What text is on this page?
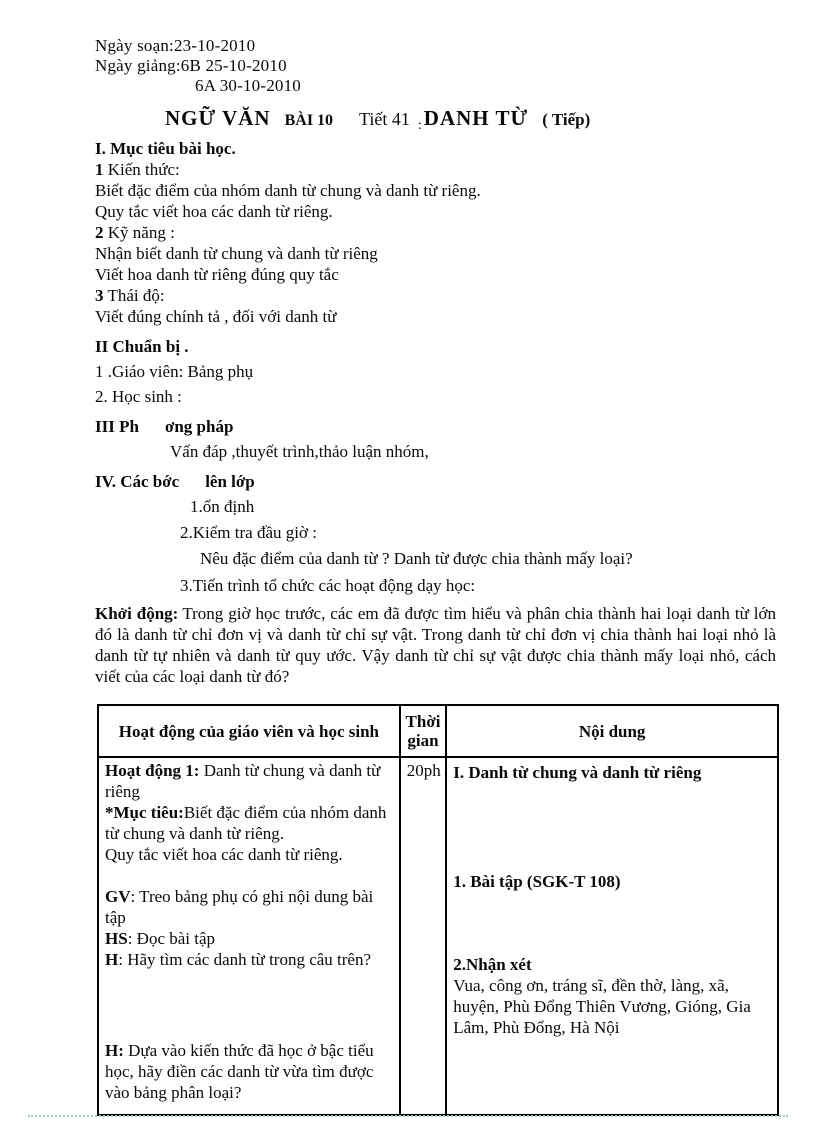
Ngày soạn:23-10-2010

Ngày giảng:6B 25-10-2010

6A 30-10-2010

NGỮ VĂN BÀI 10 Tiết 41 $_:$DANH TỪ ( Tiếp)

I. Mục tiêu bài học.

1 Kiến thức:

Biết đặc điểm của nhóm danh từ chung và danh từ riêng.

Quy tắc viết hoa các danh từ riêng.

2 Kỹ năng :

Nhận biết danh từ chung và danh từ riêng

Viết hoa danh từ riêng đúng quy tắc

3 Thái độ:

Viết đúng chính tả , đối với danh từ

II Chuẩn bị .

1 .Giáo viên: Bảng phụ

2. Học sinh :

III Ph ơng pháp

Vấn đáp ,thuyết trình,thảo luận nhóm,

IV. Các bớc lên lớp

1.ổn định

2.Kiểm tra đầu giờ :

Nêu đặc điểm của danh từ ? Danh từ được chia thành mấy loại?

3.Tiến trình tổ chức các hoạt động dạy học:

Khởi động: Trong giờ học trước, các em đã được tìm hiểu và phân chia thành hai loại danh từ lớn đó là danh từ chỉ đơn vị và danh từ chỉ sự vật. Trong danh từ chỉ đơn vị chia thành hai loại nhỏ là danh từ tự nhiên và danh từ quy ước. Vậy danh từ chỉ sự vật được chia thành mấy loại nhỏ, cách viết của các loại danh từ đó?

Hoạt động của giáo viên và học sinh	Thời gian	Nội dung

Hoạt động 1: Danh từ chung và danh từ riêng

*Mục tiêu:Biết đặc điểm của nhóm danh từ chung và danh từ riêng.

Quy tắc viết hoa các danh từ riêng.

GV: Treo bảng phụ có ghi nội dung bài tập

HS: Đọc bài tập

H: Hãy tìm các danh từ trong câu trên?

H: Dựa vào kiến thức đã học ở bậc tiểu học, hãy điền các danh từ vừa tìm được vào bảng phân loại?

	20ph	I. Danh từ chung và danh từ riêng

1. Bài tập (SGK-T 108)

2.Nhận xét

Vua, công ơn, tráng sĩ, đền thờ, làng, xã, huyện, Phù Đổng Thiên Vương, Gióng, Gia Lâm, Phù Đổng, Hà Nội
